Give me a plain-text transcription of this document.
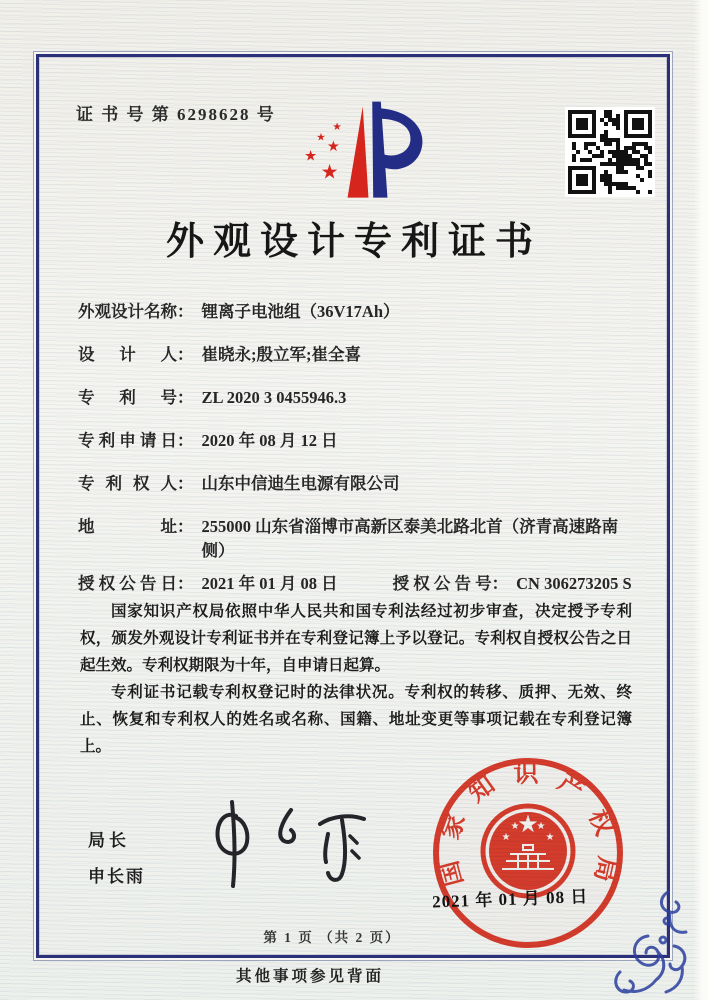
证 书 号 第 6298628 号
★
★
★
★
★
外观设计专利证书
外观设计名称 ： 锂离子电池组（36V17Ah）
设计人 ： 崔晓永;殷立军;崔全喜
专利号 ： ZL 2020 3 0455946.3
专利申请日 ： 2020 年 08 月 12 日
专利权人 ： 山东中信迪生电源有限公司
地址 ： 255000 山东省淄博市高新区泰美北路北首（济青高速路南侧）
授权公告日 ： 2021 年 01 月 08 日	授权公告号 ： CN 306273205 S

国家知识产权局依照中华人民共和国专利法经过初步审查，决定授予专利权，颁发外观设计专利证书并在专利登记簿上予以登记。专利权自授权公告之日起生效。专利权期限为十年，自申请日起算。

专利证书记载专利权登记时的法律状况。专利权的转移、质押、无效、终止、恢复和专利权人的姓名或名称、国籍、地址变更等事项记载在专利登记簿上。

局长
申长雨
2021 年 01 月 08 日
国家知识产权局
★
★
★ ★
★
第 1 页 （共 2 页）
其他事项参见背面
